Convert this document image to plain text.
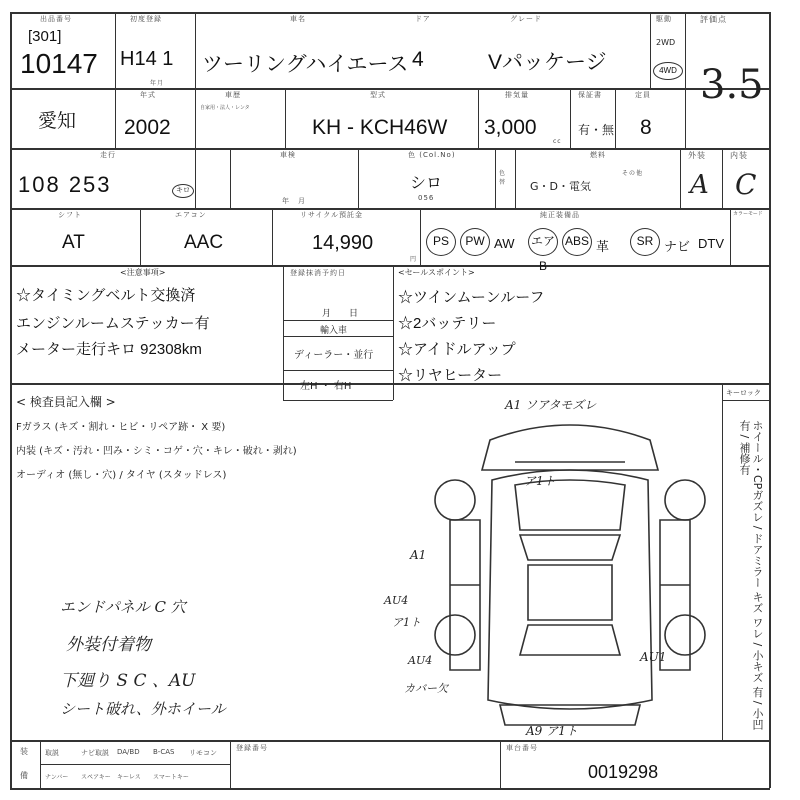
出品番号
[301]
10147
初度登録
H14 1
年月
車名	ドア	グレード
ツーリングハイエース 4	Vパッケージ
駆動
2WD
4WD
評価点
3.5
愛知
年式
2002
車歴
自家用・法人・レンタ
型式
KH - KCH46W
排気量
3,000
cc
保証書
有・無
定員
8
走行
108 253	キロ
車検
年　月
色 (Col.No)
シロ
056
色替
燃料
G・D・電気
その他
外装
A
内装
C
シフト
AT
エアコン
AAC
リサイクル預託金
14,990
円
純正装備品	カラーモード
PS	PW AW エアB
ABS 革	SR ナビ DTV
<注意事項>
☆タイミングベルト交換済
エンジンルームステッカー有
メーター走行キロ 92308km
登録抹消予約日
月　　日
輸入車
ディーラー・並行
左H ・ 右H
<セールスポイント>
☆ツインムーンルーフ
☆2バッテリー
☆アイドルアップ
☆リヤヒーター
< 検査員記入欄 >
Fガラス (キズ・割れ・ヒビ・リペア跡・ X 要)
内装 (キズ・汚れ・凹み・シミ・コゲ・穴・キレ・破れ・剥れ)
オーディオ (無し・穴) / タイヤ (スタッドレス)
エンドパネル C 穴
外装付着物
下廻り S C 、AU
シート破れ、外ホイール
A1 ソアタモズレ
ア1ト
A1
AU4
ア1ト
AU4
カバー欠
AU1
A9 ア1ト
キーロック
ホイール・CPガズレ / ドアミラー キズ ワレ / 小キズ 有 / 小凹 有 / 補修有
装
備
取説	ナビ取説 DA/BD B-CAS リモコン
ナンバー スペアキー キーレス スマートキー
登録番号	車台番号
0019298
